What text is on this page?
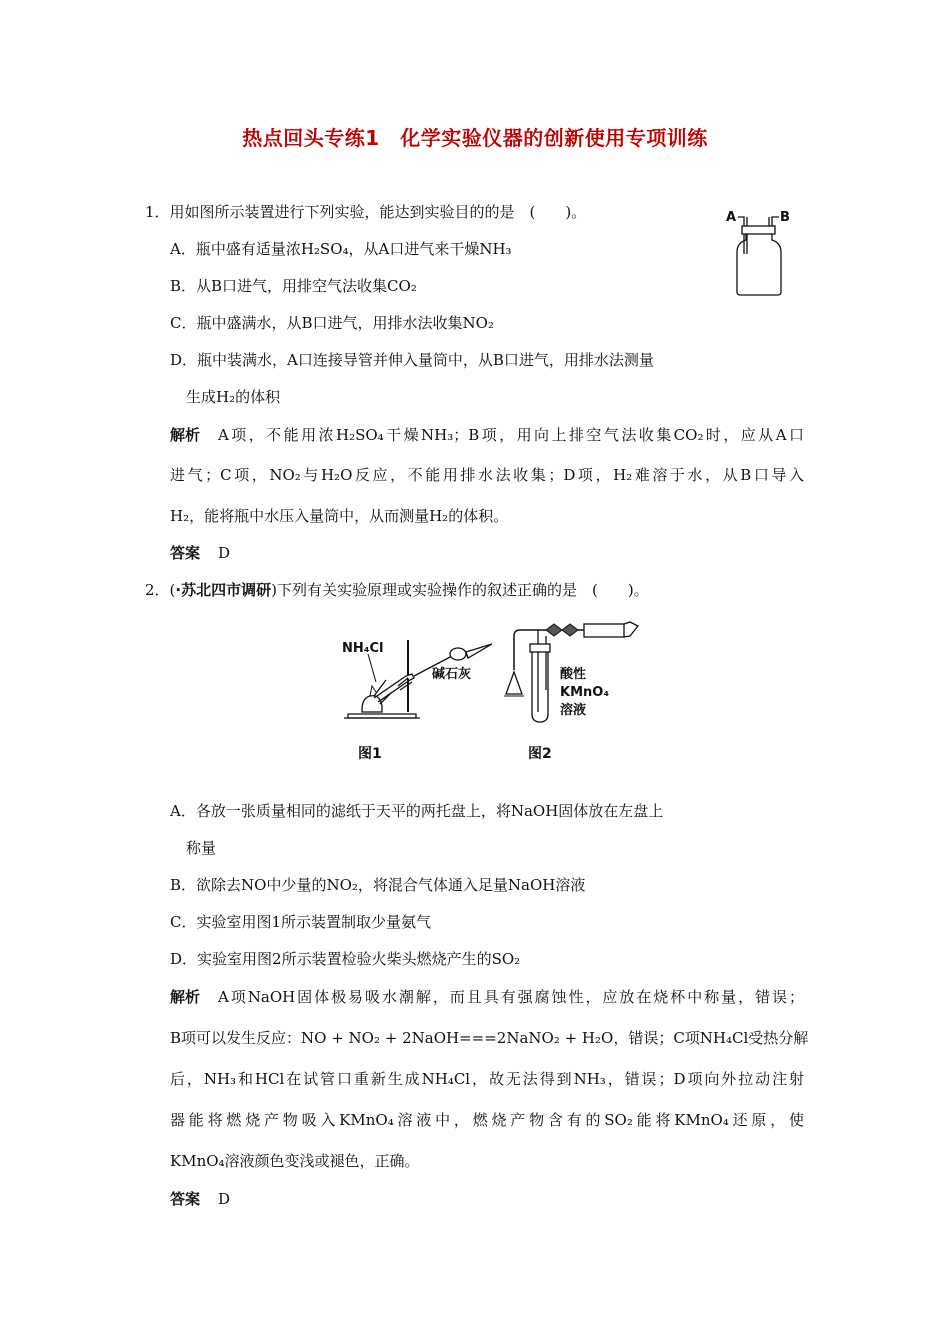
热点回头专练1　化学实验仪器的创新使用专项训练
1．用如图所示装置进行下列实验，能达到实验目的的是　(　　)。	A	B
A．瓶中盛有适量浓H₂SO₄，从A口进气来干燥NH₃
B．从B口进气，用排空气法收集CO₂
C．瓶中盛满水，从B口进气，用排水法收集NO₂
D．瓶中装满水，A口连接导管并伸入量筒中，从B口进气，用排水法测量
生成H₂的体积
解析 A项，不能用浓H₂SO₄干燥NH₃；B项，用向上排空气法收集CO₂时，应从A口
进气；C项，NO₂与H₂O反应，不能用排水法收集；D项，H₂难溶于水，从B口导入
H₂，能将瓶中水压入量筒中，从而测量H₂的体积。
答案 D
2．(·苏北四市调研)下列有关实验原理或实验操作的叙述正确的是　(　　)。
NH₄Cl
碱石灰	酸性
KMnO₄
溶液
图1	图2
A．各放一张质量相同的滤纸于天平的两托盘上，将NaOH固体放在左盘上
称量
B．欲除去NO中少量的NO₂，将混合气体通入足量NaOH溶液
C．实验室用图1所示装置制取少量氨气
D．实验室用图2所示装置检验火柴头燃烧产生的SO₂
解析 A项NaOH固体极易吸水潮解，而且具有强腐蚀性，应放在烧杯中称量，错误；
B项可以发生反应：NO + NO₂ + 2NaOH===2NaNO₂ + H₂O，错误；C项NH₄Cl受热分解
后，NH₃和HCl在试管口重新生成NH₄Cl，故无法得到NH₃，错误；D项向外拉动注射
器能将燃烧产物吸入KMnO₄溶液中，燃烧产物含有的SO₂能将KMnO₄还原，使
KMnO₄溶液颜色变浅或褪色，正确。
答案 D
